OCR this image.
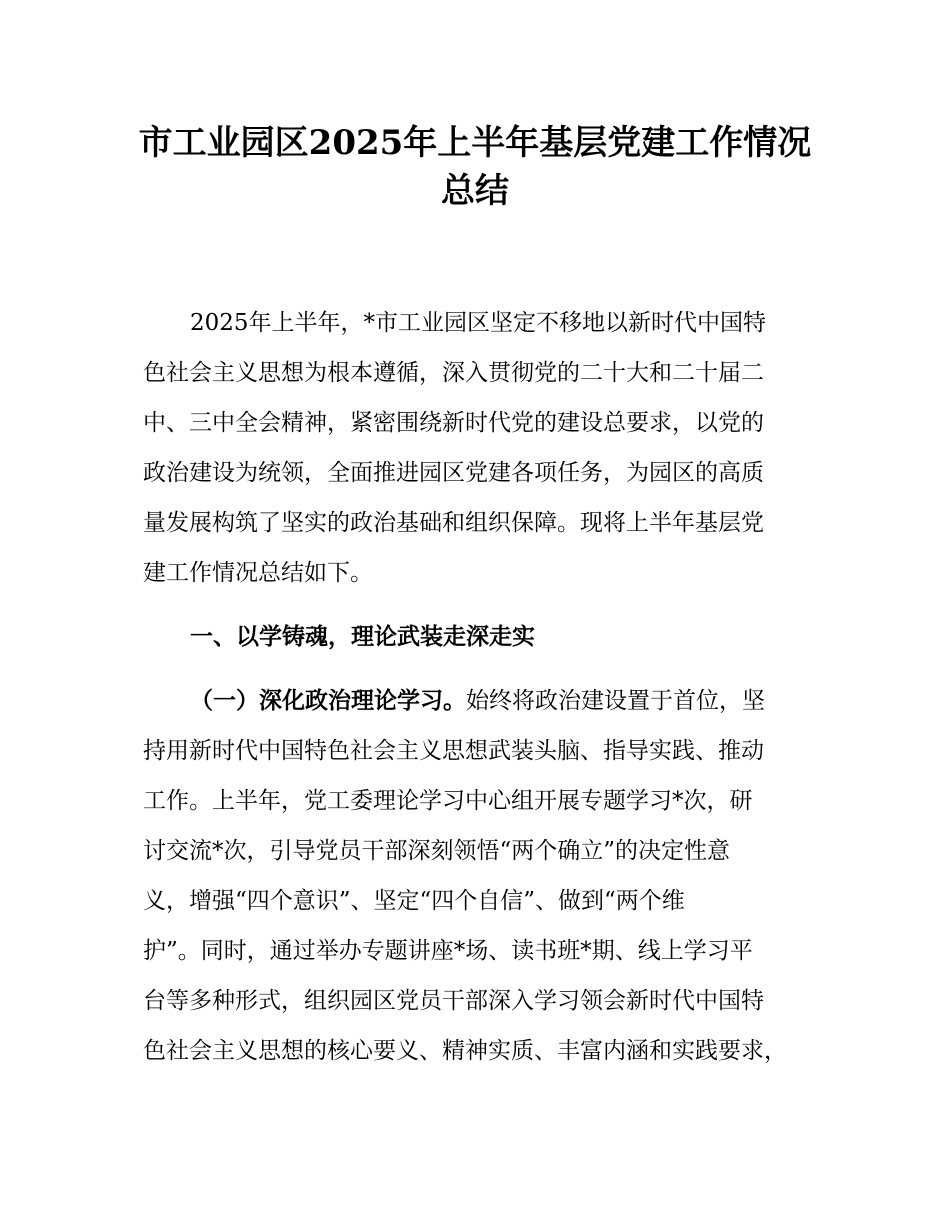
市工业园区2025年上半年基层党建工作情况
总结

2025年上半年，*市工业园区坚定不移地以新时代中国特

色社会主义思想为根本遵循，深入贯彻党的二十大和二十届二

中、三中全会精神，紧密围绕新时代党的建设总要求，以党的

政治建设为统领，全面推进园区党建各项任务，为园区的高质

量发展构筑了坚实的政治基础和组织保障。现将上半年基层党

建工作情况总结如下。

一、以学铸魂，理论武装走深走实

（一）深化政治理论学习。始终将政治建设置于首位，坚

持用新时代中国特色社会主义思想武装头脑、指导实践、推动

工作。上半年，党工委理论学习中心组开展专题学习*次，研

讨交流*次，引导党员干部深刻领悟“两个确立”的决定性意

义，增强“四个意识”、坚定“四个自信”、做到“两个维

护”。同时，通过举办专题讲座*场、读书班*期、线上学习平

台等多种形式，组织园区党员干部深入学习领会新时代中国特

色社会主义思想的核心要义、精神实质、丰富内涵和实践要求，
